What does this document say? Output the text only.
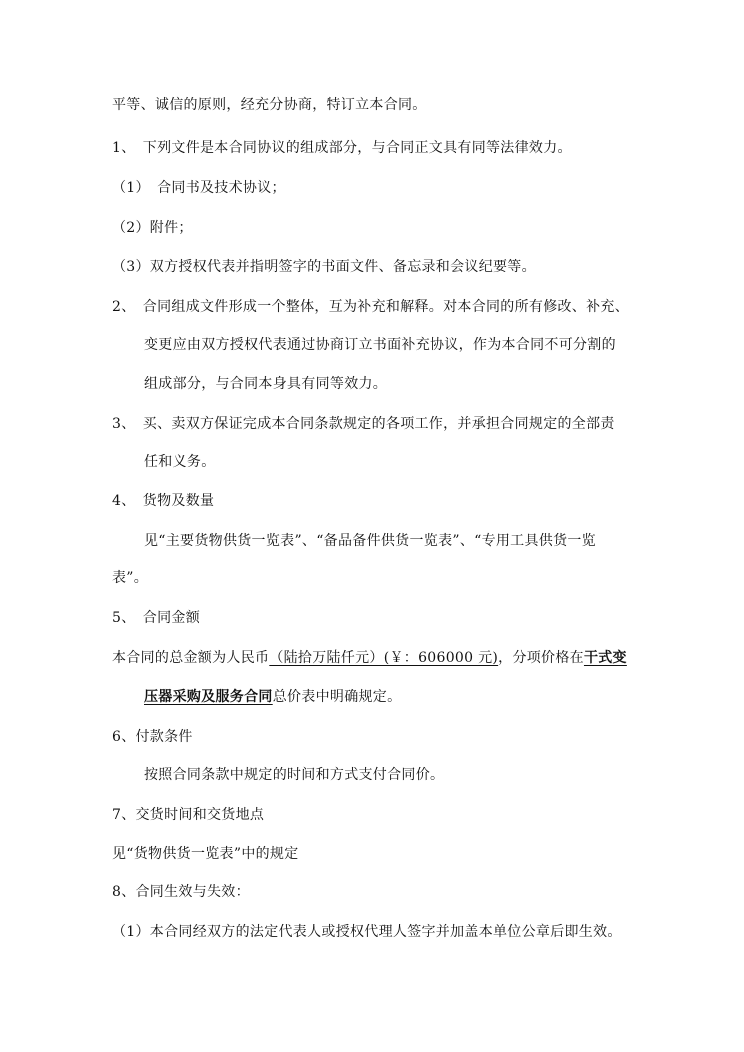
平等、诚信的原则，经充分协商，特订立本合同。
1、　下列文件是本合同协议的组成部分，与合同正文具有同等法律效力。
（1）　合同书及技术协议；
（2）附件；
（3）双方授权代表并指明签字的书面文件、备忘录和会议纪要等。
2、　合同组成文件形成一个整体，互为补充和解释。对本合同的所有修改、补充、
变更应由双方授权代表通过协商订立书面补充协议，作为本合同不可分割的
组成部分，与合同本身具有同等效力。
3、　买、卖双方保证完成本合同条款规定的各项工作，并承担合同规定的全部责
任和义务。
4、　货物及数量
见“主要货物供货一览表”、“备品备件供货一览表”、“专用工具供货一览
表”。
5、　合同金额
本合同的总金额为人民币（陆拾万陆仟元）(￥：606000 元)，分项价格在干式变
压器采购及服务合同总价表中明确规定。
6、付款条件
按照合同条款中规定的时间和方式支付合同价。
7、交货时间和交货地点
见“货物供货一览表”中的规定
8、合同生效与失效：
（1）本合同经双方的法定代表人或授权代理人签字并加盖本单位公章后即生效。
